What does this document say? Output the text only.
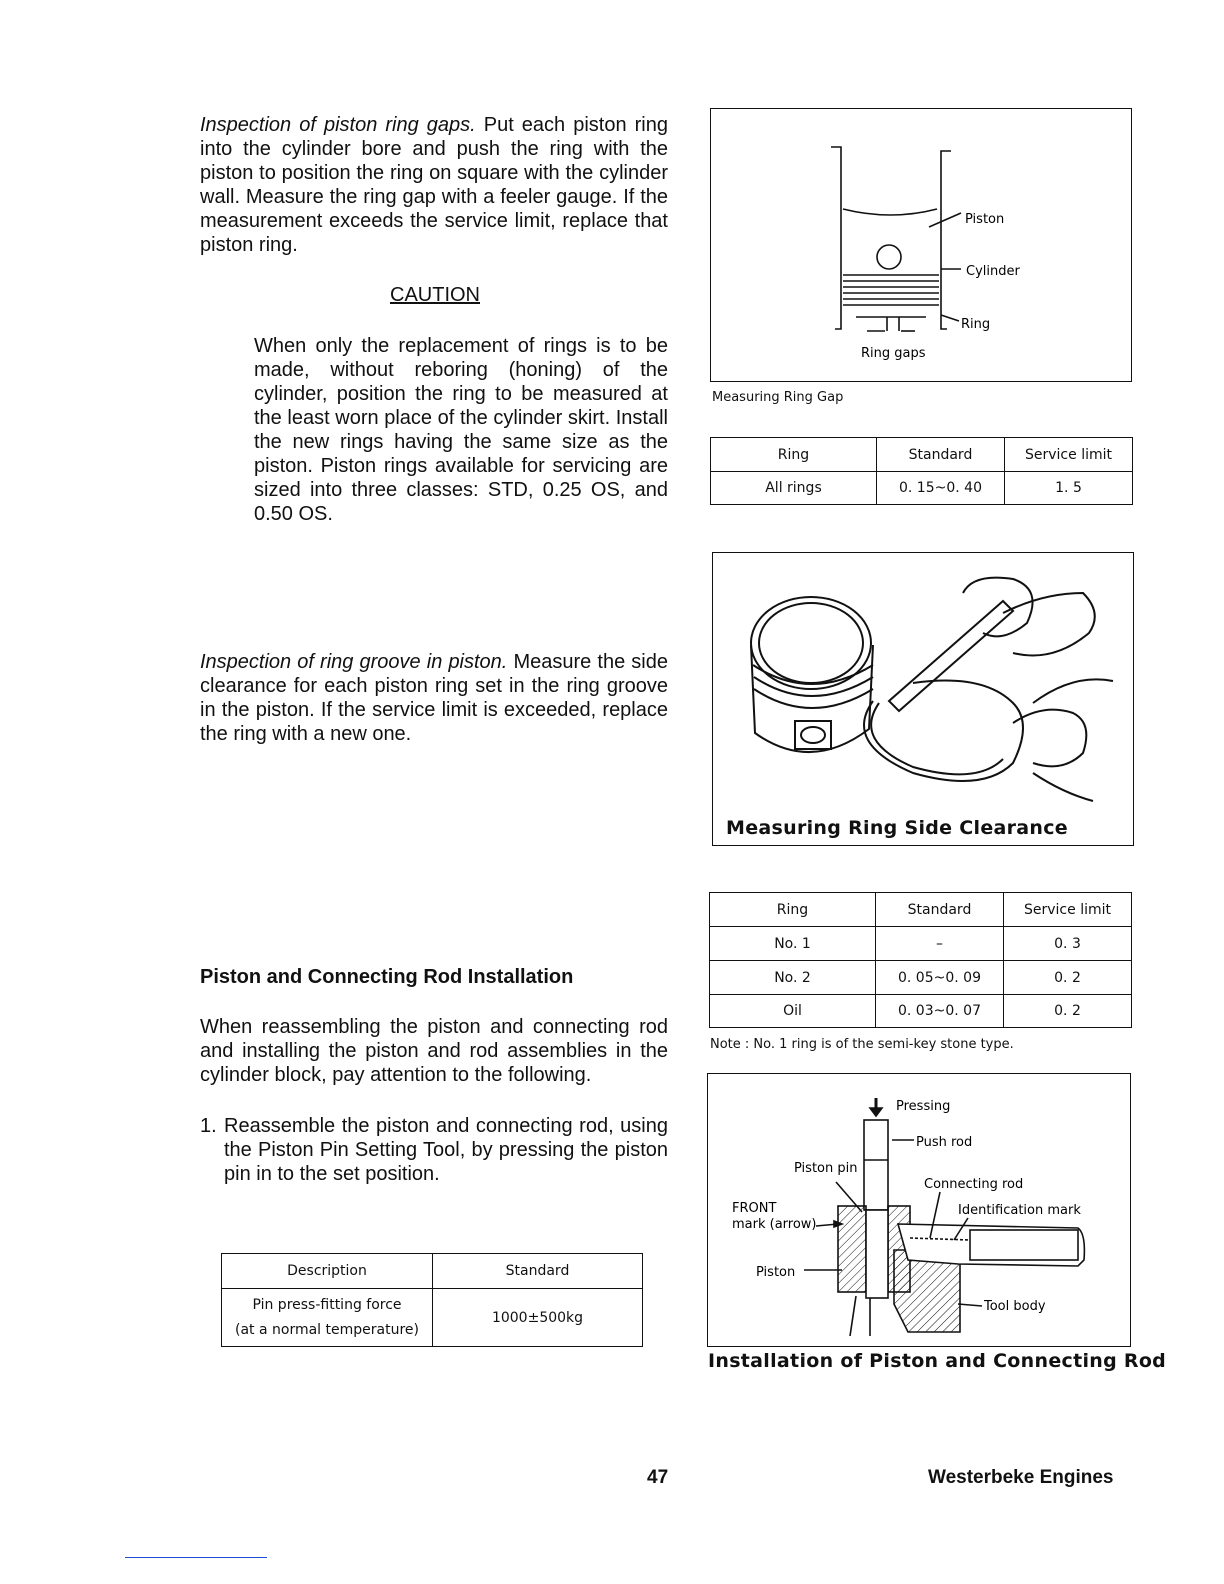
Inspection of piston ring gaps. Put each piston ring into the cylinder bore and push the ring with the piston to position the ring on square with the cylinder wall. Measure the ring gap with a feeler gauge. If the measurement exceeds the service limit, replace that piston ring.
CAUTION
When only the replacement of rings is to be made, without reboring (honing) of the cylinder, position the ring to be measured at the least worn place of the cylinder skirt. Install the new rings having the same size as the piston. Piston rings available for servicing are sized into three classes: STD, 0.25 OS, and 0.50 OS.
Inspection of ring groove in piston. Measure the side clearance for each piston ring set in the ring groove in the piston. If the service limit is exceeded, replace the ring with a new one.
Piston and Connecting Rod Installation
When reassembling the piston and connecting rod and installing the piston and rod assemblies in the cylinder block, pay attention to the following.
1. Reassemble the piston and connecting rod, using the Piston Pin Setting Tool, by pressing the piston pin in to the set position.
Description	Standard

Pin press-fitting force
(at a normal temperature)	1000±500kg
Piston
Cylinder
Ring
Ring gaps
Measuring Ring Gap
Ring	Standard	Service limit
All rings	0. 15~0. 40	1. 5
Measuring Ring Side Clearance
Ring	Standard	Service limit
No. 1	–	0. 3
No. 2	0. 05~0. 09	0. 2
Oil	0. 03~0. 07	0. 2
Note : No. 1 ring is of the semi-key stone type.
Pressing
Push rod
Piston pin
Connecting rod
FRONT
mark (arrow)
Identification mark
Piston
Tool body
Installation of Piston and Connecting Rod
47	Westerbeke Engines
